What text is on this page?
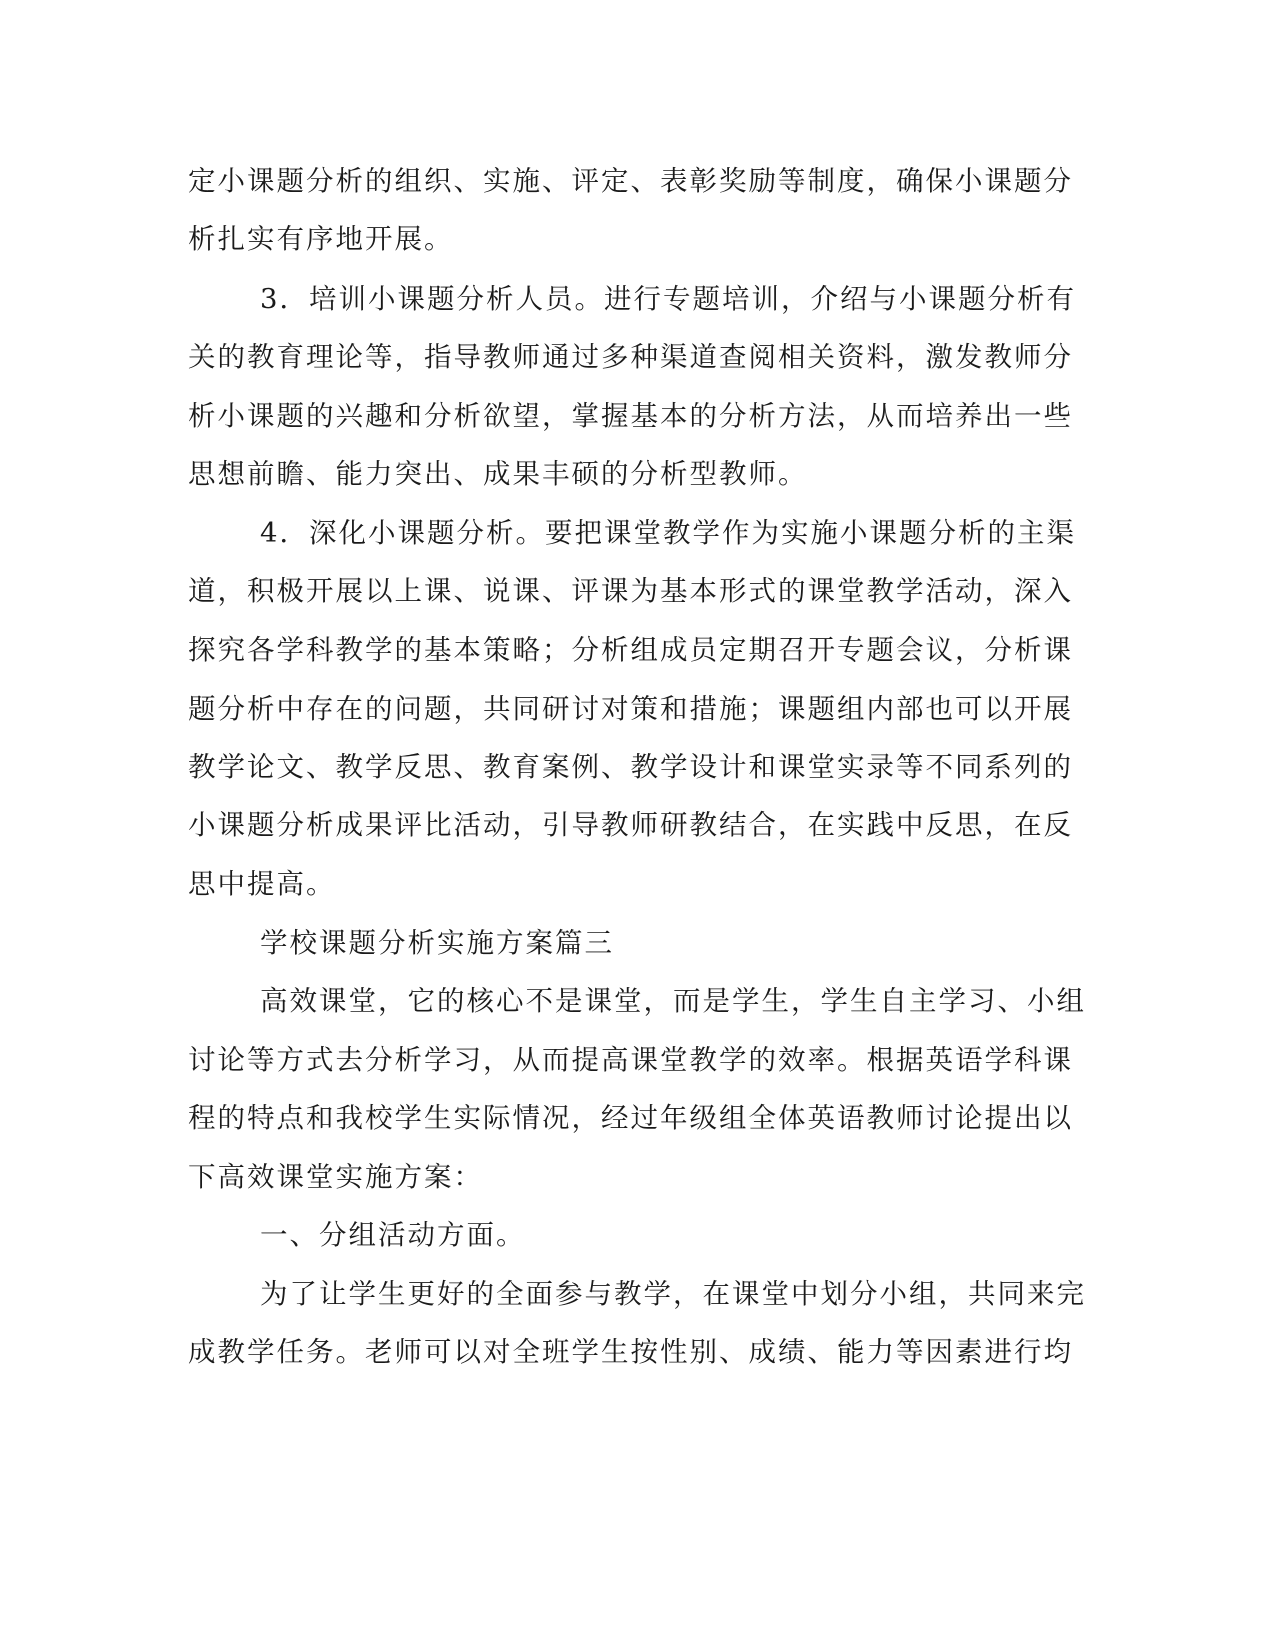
定小课题分析的组织、实施、评定、表彰奖励等制度，确保小课题分
析扎实有序地开展。
3．培训小课题分析人员。进行专题培训，介绍与小课题分析有
关的教育理论等，指导教师通过多种渠道查阅相关资料，激发教师分
析小课题的兴趣和分析欲望，掌握基本的分析方法，从而培养出一些
思想前瞻、能力突出、成果丰硕的分析型教师。
4．深化小课题分析。要把课堂教学作为实施小课题分析的主渠
道，积极开展以上课、说课、评课为基本形式的课堂教学活动，深入
探究各学科教学的基本策略；分析组成员定期召开专题会议，分析课
题分析中存在的问题，共同研讨对策和措施；课题组内部也可以开展
教学论文、教学反思、教育案例、教学设计和课堂实录等不同系列的
小课题分析成果评比活动，引导教师研教结合，在实践中反思，在反
思中提高。
学校课题分析实施方案篇三
高效课堂，它的核心不是课堂，而是学生，学生自主学习、小组
讨论等方式去分析学习，从而提高课堂教学的效率。根据英语学科课
程的特点和我校学生实际情况，经过年级组全体英语教师讨论提出以
下高效课堂实施方案：
一、分组活动方面。
为了让学生更好的全面参与教学，在课堂中划分小组，共同来完
成教学任务。老师可以对全班学生按性别、成绩、能力等因素进行均
